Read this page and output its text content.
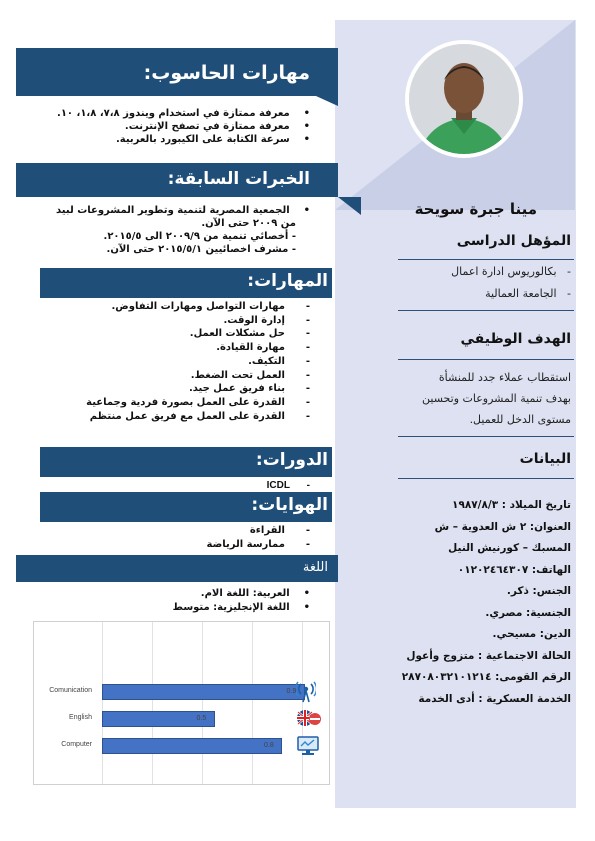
مينا جبرة سويحة
المؤهل الدراسى
-   بكالوريوس ادارة اعمال
-   الجامعة العمالية
الهدف الوظيفي
استقطاب عملاء جدد للمنشأة
بهدف تنمية المشروعات وتحسين
مستوى الدخل للعميل.
البيانات
تاريخ الميلاد : ١٩٨٧/٨/٣
العنوان: ٢ ش العدوية – ش
المسبك – كورنيش النيل
الهاتف: ٠١٢٠٢٤٦٤٣٠٧
الجنس: ذكر.
الجنسية: مصري.
الدين: مسيحي.
الحالة الاجتماعية : متزوج وأعول
الرقم القومى: ٢٨٧٠٨٠٣٢١٠١٢١٤
الخدمة العسكرية : أدى الخدمة
مهارات الحاسوب:
•    معرفة ممتازة في استخدام ويندوز ٧،٨، ١،٨، ١٠.
•    معرفة ممتازة في تصفح الإنترنت.
•    سرعة الكتابة على الكيبورد بالعربية.
الخبرات السابقة:
•    الجمعية المصرية لتنمية وتطوير المشروعات لبيد
من ٢٠٠٩ حتى الآن.
- أخصائي تنمية من ٢٠٠٩/٩ الى ٢٠١٥/٥.
- مشرف اخصائيين ٢٠١٥/٥/١ حتى الآن.
المهارات:
-      مهارات التواصل ومهارات التفاوض.
-      إدارة الوقت.
-      حل مشكلات العمل.
-      مهارة القيادة.
-      التكيف.
-      العمل تحت الضغط.
-      بناء فريق عمل جيد.
-      القدرة على العمل بصورة فردية وجماعية
-      القدرة على العمل مع فريق عمل منتظم
الدورات:
-      ICDL
الهوايات:
-      القراءة
-      ممارسة الرياضة
اللغة
•    العربية: اللغة الام.
•    اللغة الإنجليزية: متوسط
Comunication	0.9
English	0.5
Computer	0.8
